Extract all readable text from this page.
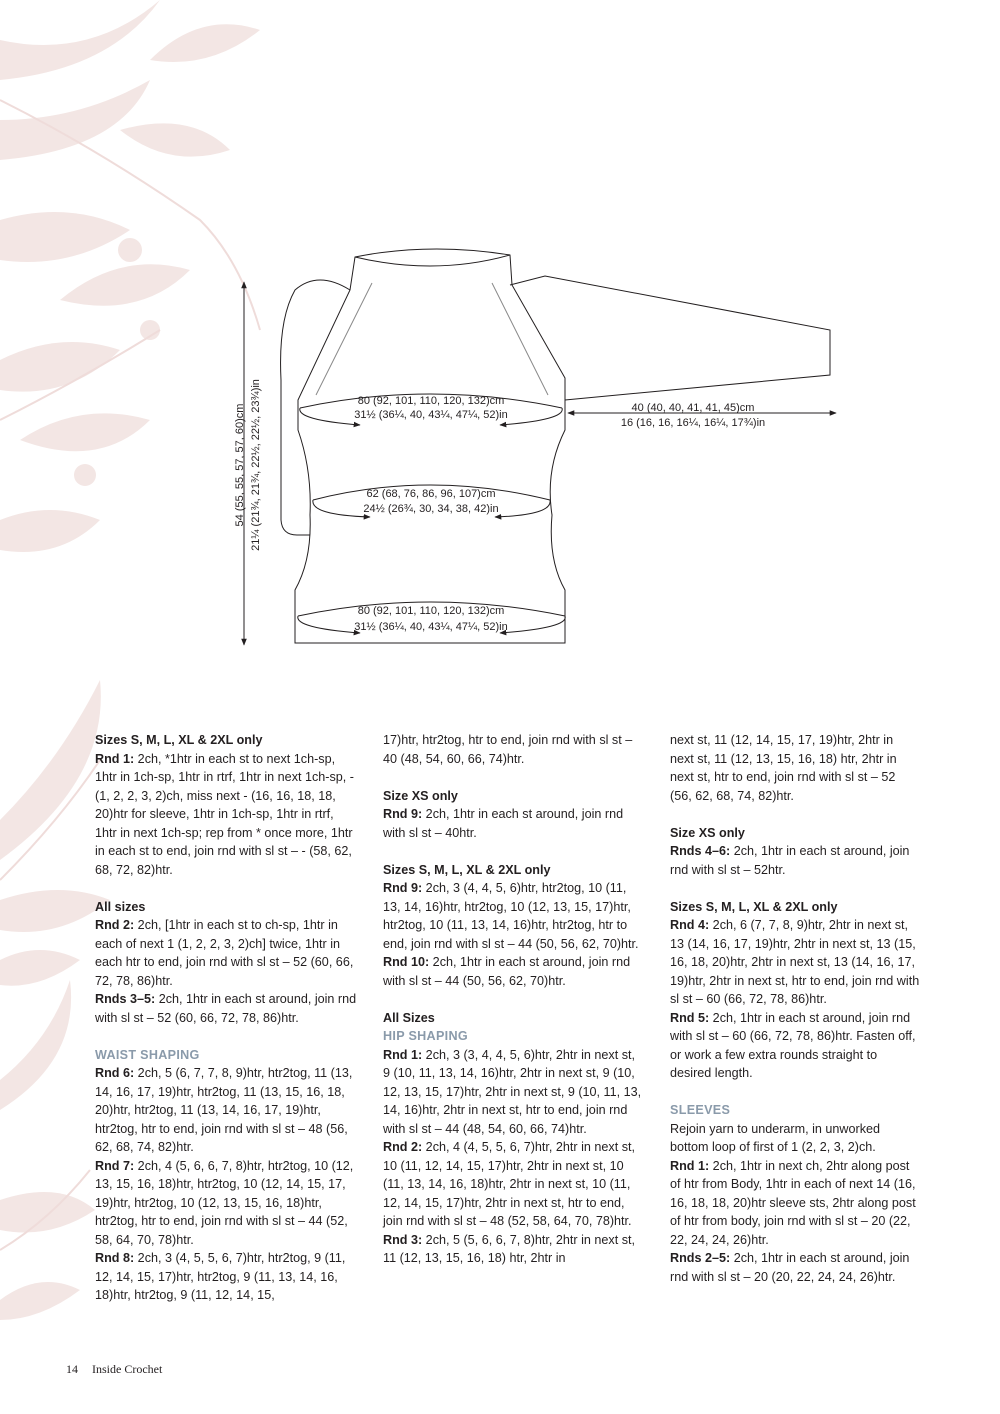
80 (92, 101, 110, 120, 132)cm
31½ (36¼, 40, 43¼, 47¼, 52)in
62 (68, 76, 86, 96, 107)cm
24½ (26¾, 30, 34, 38, 42)in
80 (92, 101, 110, 120, 132)cm
31½ (36¼, 40, 43¼, 47¼, 52)in
40 (40, 40, 41, 41, 45)cm
16 (16, 16, 16¼, 16¼, 17¾)in
54 (55, 55, 57, 57, 60)cm 21¼ (21¾, 21¾, 22½, 22½, 23¾)in

Sizes S, M, L, XL & 2XL only
Rnd 1: 2ch, *1htr in each st to next 1ch-sp, 1htr in 1ch-sp, 1htr in rtrf, 1htr in next 1ch-sp, - (1, 2, 2, 3, 2)ch, miss next - (16, 16, 18, 18, 20)htr for sleeve, 1htr in 1ch-sp, 1htr in rtrf, 1htr in next 1ch-sp; rep from * once more, 1htr in each st to end, join rnd with sl st – - (58, 62, 68, 72, 82)htr.

All sizes
Rnd 2: 2ch, [1htr in each st to ch-sp, 1htr in each of next 1 (1, 2, 2, 3, 2)ch] twice, 1htr in each htr to end, join rnd with sl st – 52 (60, 66, 72, 78, 86)htr.
Rnds 3–5: 2ch, 1htr in each st around, join rnd with sl st – 52 (60, 66, 72, 78, 86)htr.

WAIST SHAPING
Rnd 6: 2ch, 5 (6, 7, 7, 8, 9)htr, htr2tog, 11 (13, 14, 16, 17, 19)htr, htr2tog, 11 (13, 15, 16, 18, 20)htr, htr2tog, 11 (13, 14, 16, 17, 19)htr, htr2tog, htr to end, join rnd with sl st – 48 (56, 62, 68, 74, 82)htr.
Rnd 7: 2ch, 4 (5, 6, 6, 7, 8)htr, htr2tog, 10 (12, 13, 15, 16, 18)htr, htr2tog, 10 (12, 14, 15, 17, 19)htr, htr2tog, 10 (12, 13, 15, 16, 18)htr, htr2tog, htr to end, join rnd with sl st – 44 (52, 58, 64, 70, 78)htr.
Rnd 8: 2ch, 3 (4, 5, 5, 6, 7)htr, htr2tog, 9 (11, 12, 14, 15, 17)htr, htr2tog, 9 (11, 13, 14, 16, 18)htr, htr2tog, 9 (11, 12, 14, 15,

17)htr, htr2tog, htr to end, join rnd with sl st – 40 (48, 54, 60, 66, 74)htr.

Size XS only
Rnd 9: 2ch, 1htr in each st around, join rnd with sl st – 40htr.

Sizes S, M, L, XL & 2XL only
Rnd 9: 2ch, 3 (4, 4, 5, 6)htr, htr2tog, 10 (11, 13, 14, 16)htr, htr2tog, 10 (12, 13, 15, 17)htr, htr2tog, 10 (11, 13, 14, 16)htr, htr2tog, htr to end, join rnd with sl st – 44 (50, 56, 62, 70)htr.
Rnd 10: 2ch, 1htr in each st around, join rnd with sl st – 44 (50, 56, 62, 70)htr.

All Sizes
HIP SHAPING
Rnd 1: 2ch, 3 (3, 4, 4, 5, 6)htr, 2htr in next st, 9 (10, 11, 13, 14, 16)htr, 2htr in next st, 9 (10, 12, 13, 15, 17)htr, 2htr in next st, 9 (10, 11, 13, 14, 16)htr, 2htr in next st, htr to end, join rnd with sl st – 44 (48, 54, 60, 66, 74)htr.
Rnd 2: 2ch, 4 (4, 5, 5, 6, 7)htr, 2htr in next st, 10 (11, 12, 14, 15, 17)htr, 2htr in next st, 10 (11, 13, 14, 16, 18)htr, 2htr in next st, 10 (11, 12, 14, 15, 17)htr, 2htr in next st, htr to end, join rnd with sl st – 48 (52, 58, 64, 70, 78)htr.
Rnd 3: 2ch, 5 (5, 6, 6, 7, 8)htr, 2htr in next st, 11 (12, 13, 15, 16, 18) htr, 2htr in

next st, 11 (12, 14, 15, 17, 19)htr, 2htr in next st, 11 (12, 13, 15, 16, 18) htr, 2htr in next st, htr to end, join rnd with sl st – 52 (56, 62, 68, 74, 82)htr.

Size XS only
Rnds 4–6: 2ch, 1htr in each st around, join rnd with sl st – 52htr.

Sizes S, M, L, XL & 2XL only
Rnd 4: 2ch, 6 (7, 7, 8, 9)htr, 2htr in next st, 13 (14, 16, 17, 19)htr, 2htr in next st, 13 (15, 16, 18, 20)htr, 2htr in next st, 13 (14, 16, 17, 19)htr, 2htr in next st, htr to end, join rnd with sl st – 60 (66, 72, 78, 86)htr.
Rnd 5: 2ch, 1htr in each st around, join rnd with sl st – 60 (66, 72, 78, 86)htr. Fasten off, or work a few extra rounds straight to desired length.

SLEEVES
Rejoin yarn to underarm, in unworked bottom loop of first of 1 (2, 2, 3, 2)ch.
Rnd 1: 2ch, 1htr in next ch, 2htr along post of htr from Body, 1htr in each of next 14 (16, 16, 18, 18, 20)htr sleeve sts, 2htr along post of htr from body, join rnd with sl st – 20 (22, 22, 24, 24, 26)htr.
Rnds 2–5: 2ch, 1htr in each st around, join rnd with sl st – 20 (20, 22, 24, 24, 26)htr.

14 Inside Crochet
